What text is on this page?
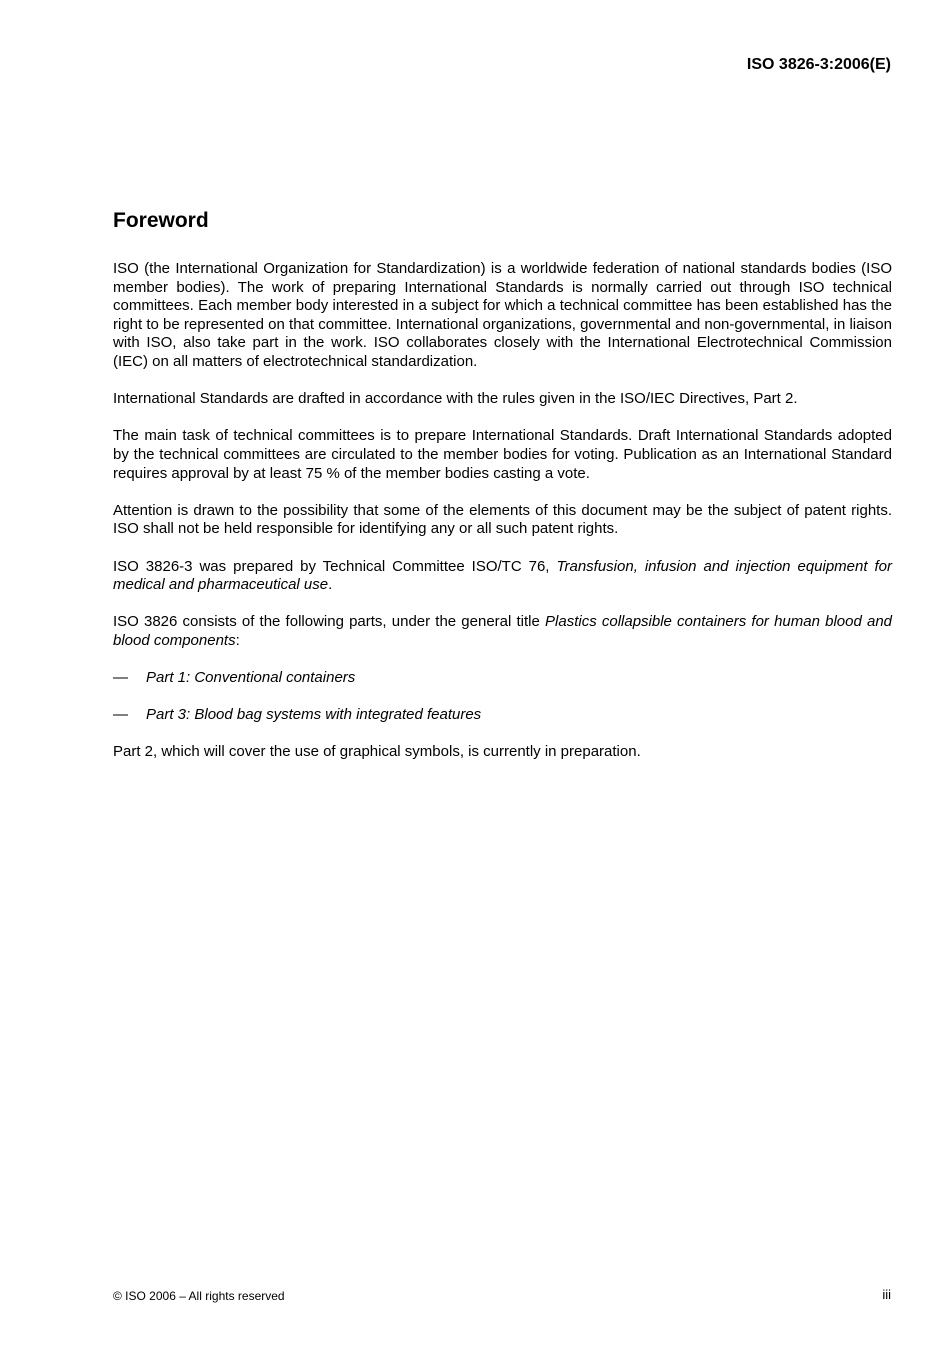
ISO 3826-3:2006(E)
Foreword

ISO (the International Organization for Standardization) is a worldwide federation of national standards bodies (ISO member bodies). The work of preparing International Standards is normally carried out through ISO technical committees. Each member body interested in a subject for which a technical committee has been established has the right to be represented on that committee. International organizations, governmental and non-governmental, in liaison with ISO, also take part in the work. ISO collaborates closely with the International Electrotechnical Commission (IEC) on all matters of electrotechnical standardization.

International Standards are drafted in accordance with the rules given in the ISO/IEC Directives, Part 2.

The main task of technical committees is to prepare International Standards. Draft International Standards adopted by the technical committees are circulated to the member bodies for voting. Publication as an International Standard requires approval by at least 75 % of the member bodies casting a vote.

Attention is drawn to the possibility that some of the elements of this document may be the subject of patent rights. ISO shall not be held responsible for identifying any or all such patent rights.

ISO 3826-3 was prepared by Technical Committee ISO/TC 76, Transfusion, infusion and injection equipment for medical and pharmaceutical use.

ISO 3826 consists of the following parts, under the general title Plastics collapsible containers for human blood and blood components:

— Part 1: Conventional containers
— Part 3: Blood bag systems with integrated features

Part 2, which will cover the use of graphical symbols, is currently in preparation.

© ISO 2006 – All rights reserved	iii
